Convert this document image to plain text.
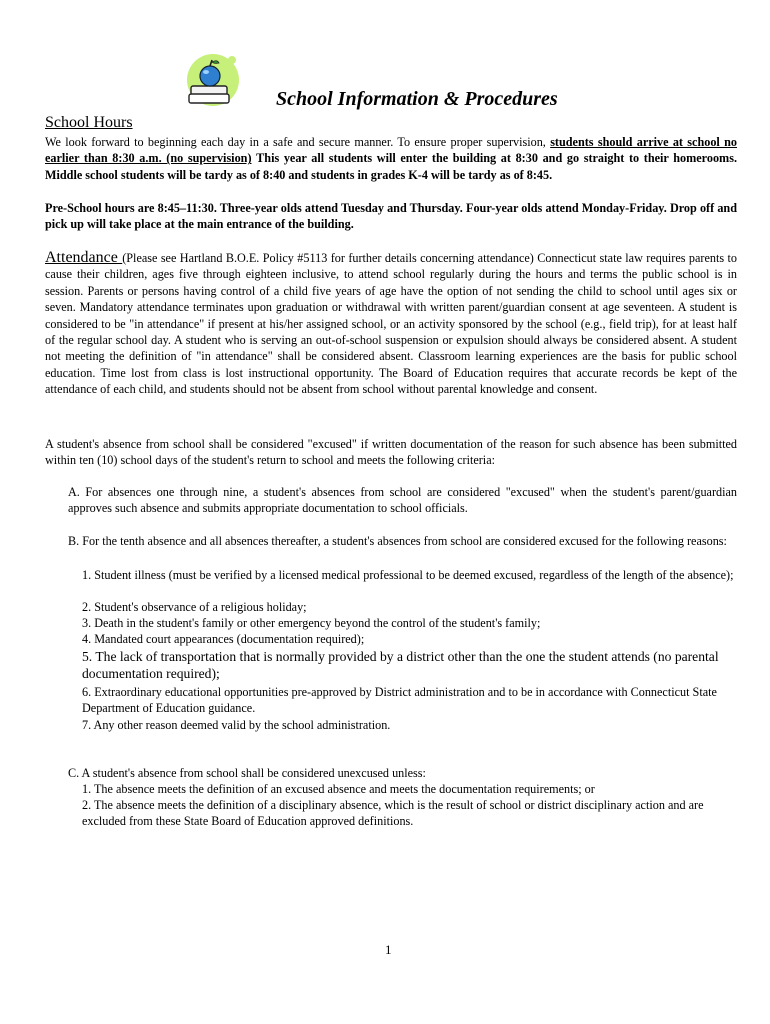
School Information & Procedures
School Hours
We look forward to beginning each day in a safe and secure manner. To ensure proper supervision, students should arrive at school no earlier than 8:30 a.m. (no supervision) This year all students will enter the building at 8:30 and go straight to their homerooms. Middle school students will be tardy as of 8:40 and students in grades K-4 will be tardy as of 8:45.
Pre-School hours are 8:45–11:30. Three-year olds attend Tuesday and Thursday. Four-year olds attend Monday-Friday. Drop off and pick up will take place at the main entrance of the building.
Attendance (Please see Hartland B.O.E. Policy #5113 for further details concerning attendance) Connecticut state law requires parents to cause their children, ages five through eighteen inclusive, to attend school regularly during the hours and terms the public school is in session. Parents or persons having control of a child five years of age have the option of not sending the child to school until ages six or seven. Mandatory attendance terminates upon graduation or withdrawal with written parent/guardian consent at age seventeen. A student is considered to be "in attendance" if present at his/her assigned school, or an activity sponsored by the school (e.g., field trip), for at least half of the regular school day. A student who is serving an out-of-school suspension or expulsion should always be considered absent. A student not meeting the definition of "in attendance" shall be considered absent. Classroom learning experiences are the basis for public school education. Time lost from class is lost instructional opportunity. The Board of Education requires that accurate records be kept of the attendance of each child, and students should not be absent from school without parental knowledge and consent.
A student's absence from school shall be considered "excused" if written documentation of the reason for such absence has been submitted within ten (10) school days of the student's return to school and meets the following criteria:
A. For absences one through nine, a student's absences from school are considered "excused" when the student's parent/guardian approves such absence and submits appropriate documentation to school officials.
B. For the tenth absence and all absences thereafter, a student's absences from school are considered excused for the following reasons:
1. Student illness (must be verified by a licensed medical professional to be deemed excused, regardless of the length of the absence);
2. Student's observance of a religious holiday;
3. Death in the student's family or other emergency beyond the control of the student's family;
4. Mandated court appearances (documentation required);
5. The lack of transportation that is normally provided by a district other than the one the student attends (no parental documentation required);
6. Extraordinary educational opportunities pre-approved by District administration and to be in accordance with Connecticut State Department of Education guidance.
7. Any other reason deemed valid by the school administration.
C. A student's absence from school shall be considered unexcused unless:
1. The absence meets the definition of an excused absence and meets the documentation requirements; or
2. The absence meets the definition of a disciplinary absence, which is the result of school or district disciplinary action and are excluded from these State Board of Education approved definitions.
1
